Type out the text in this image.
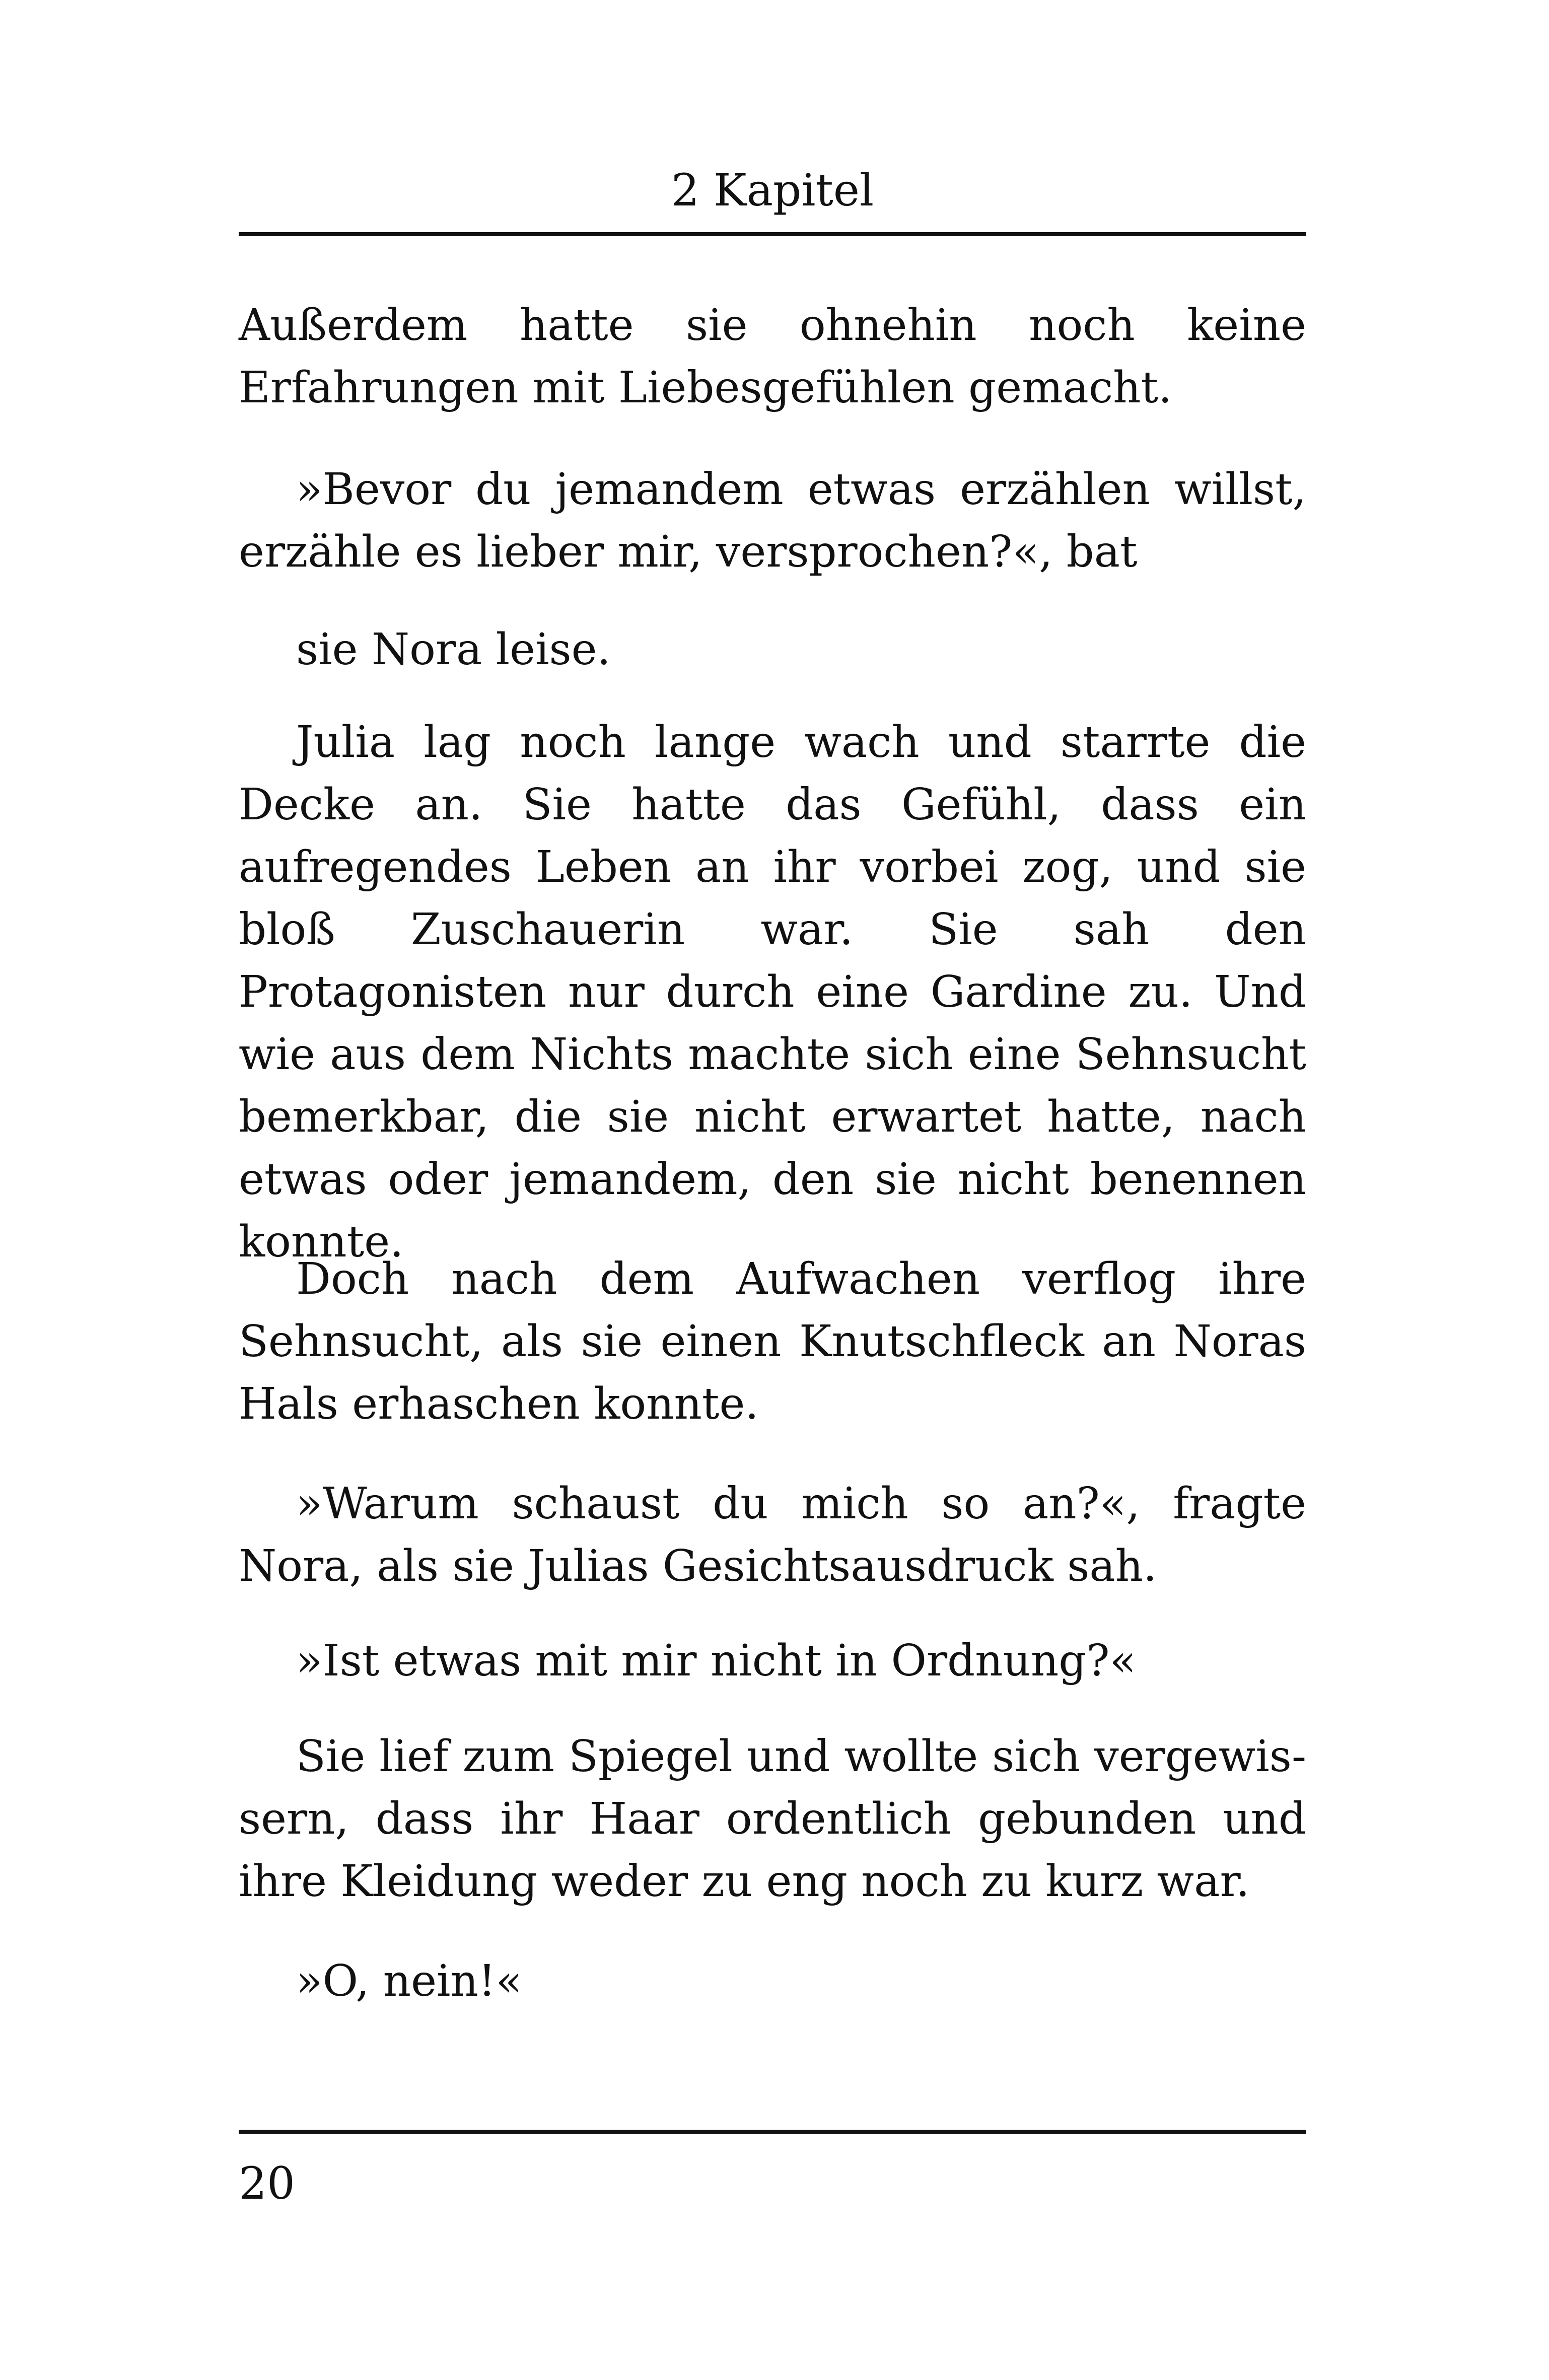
2 Kapitel

Außerdem hatte sie ohnehin noch keine Erfahrungen mit Liebesgefühlen gemacht.

»Bevor du jemandem etwas erzählen willst, erzähle es lieber mir, versprochen?«, bat

sie Nora leise.

Julia lag noch lange wach und starrte die Decke an. Sie hatte das Gefühl, dass ein aufregendes Leben an ihr vorbei zog, und sie bloß Zuschauerin war. Sie sah den Protagonisten nur durch eine Gardine zu. Und wie aus dem Nichts machte sich eine Sehnsucht bemerkbar, die sie nicht erwartet hatte, nach etwas oder jemandem, den sie nicht benennen konnte.

Doch nach dem Aufwachen verflog ihre Sehnsucht, als sie einen Knutschfleck an Noras Hals erhaschen konnte.

»Warum schaust du mich so an?«, fragte Nora, als sie Julias Gesichtsausdruck sah.

»Ist etwas mit mir nicht in Ordnung?«

Sie lief zum Spiegel und wollte sich vergewis-sern, dass ihr Haar ordentlich gebunden und ihre Kleidung weder zu eng noch zu kurz war.

»O, nein!«

20
